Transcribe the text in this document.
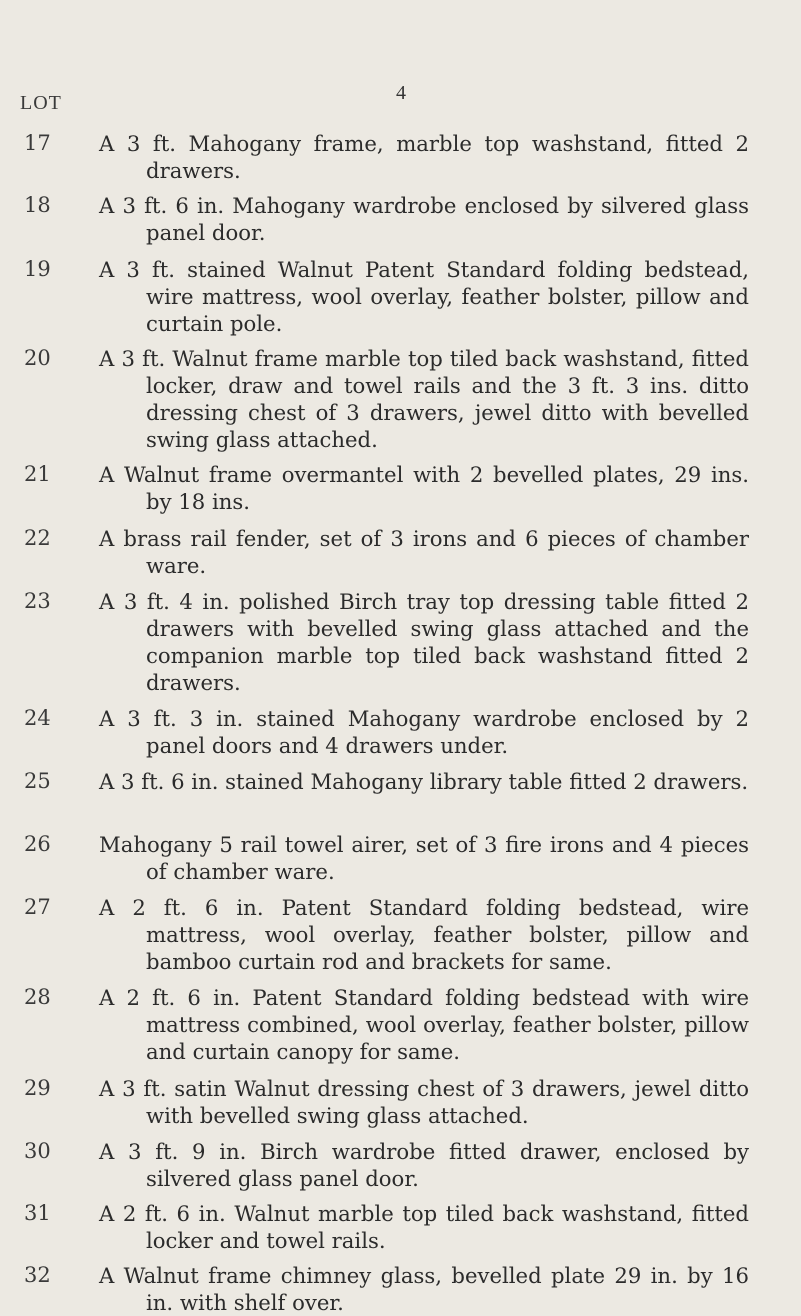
4
LOT
17	A 3 ft. Mahogany frame, marble top washstand, fitted 2 drawers.
18	A 3 ft. 6 in. Mahogany wardrobe enclosed by silvered glass panel door.
19	A 3 ft. stained Walnut Patent Standard folding bedstead, wire mattress, wool overlay, feather bolster, pillow and curtain pole.
20	A 3 ft. Walnut frame marble top tiled back washstand, fitted locker, draw and towel rails and the 3 ft. 3 ins. ditto dressing chest of 3 drawers, jewel ditto with bevelled swing glass attached.
21	A Walnut frame overmantel with 2 bevelled plates, 29 ins. by 18 ins.
22	A brass rail fender, set of 3 irons and 6 pieces of chamber ware.
23	A 3 ft. 4 in. polished Birch tray top dressing table fitted 2 drawers with bevelled swing glass attached and the companion marble top tiled back washstand fitted 2 drawers.
24	A 3 ft. 3 in. stained Mahogany wardrobe enclosed by 2 panel doors and 4 drawers under.
25	A 3 ft. 6 in. stained Mahogany library table fitted 2 drawers.
26	Mahogany 5 rail towel airer, set of 3 fire irons and 4 pieces of chamber ware.
27	A 2 ft. 6 in. Patent Standard folding bedstead, wire mattress, wool overlay, feather bolster, pillow and bamboo curtain rod and brackets for same.
28	A 2 ft. 6 in. Patent Standard folding bedstead with wire mattress combined, wool overlay, feather bolster, pillow and curtain canopy for same.
29	A 3 ft. satin Walnut dressing chest of 3 drawers, jewel ditto with bevelled swing glass attached.
30	A 3 ft. 9 in. Birch wardrobe fitted drawer, enclosed by silvered glass panel door.
31	A 2 ft. 6 in. Walnut marble top tiled back washstand, fitted locker and towel rails.
32	A Walnut frame chimney glass, bevelled plate 29 in. by 16 in. with shelf over.
